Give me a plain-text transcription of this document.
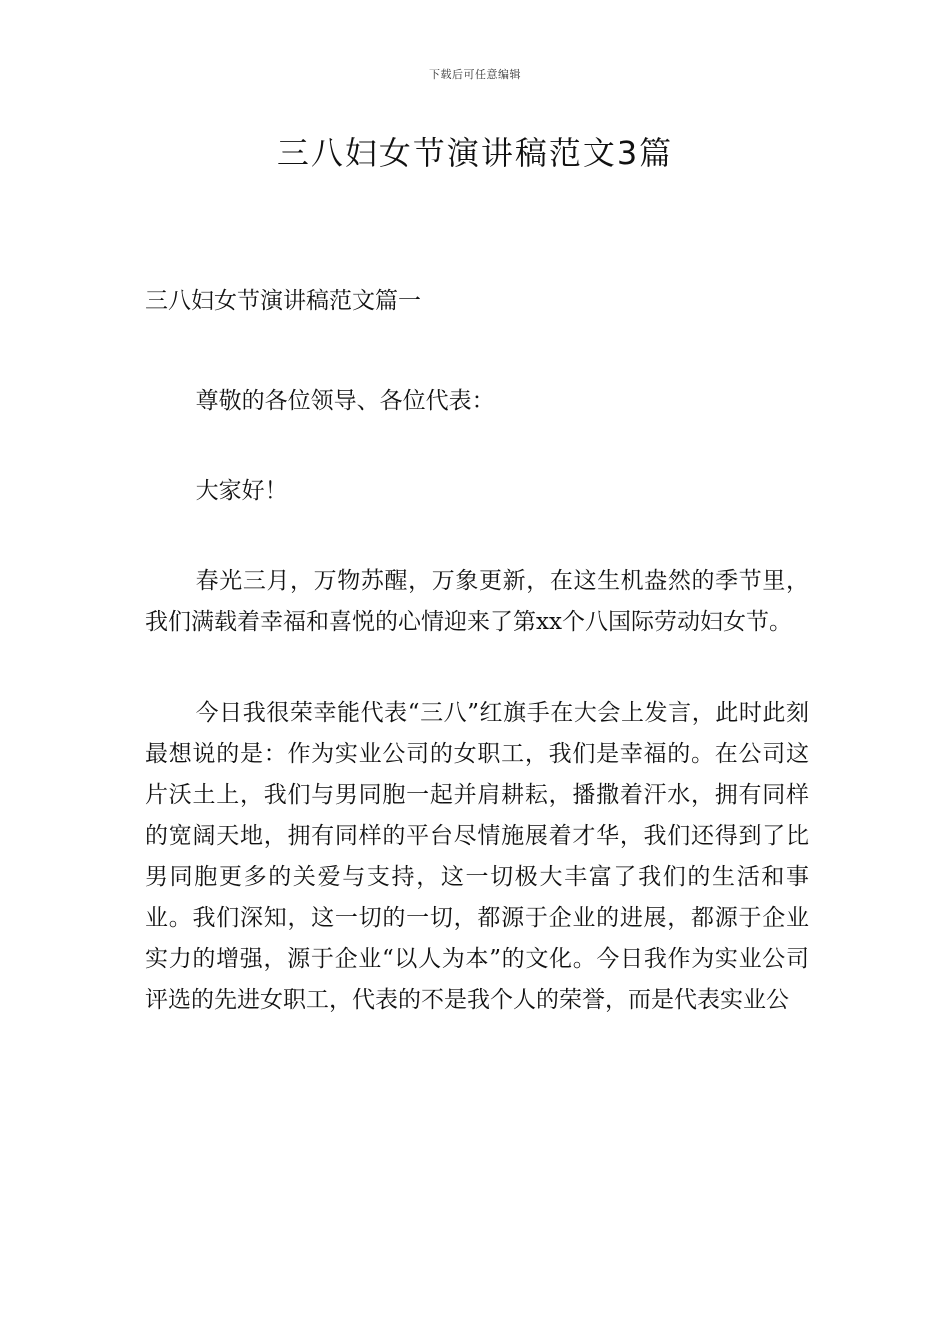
下载后可任意编辑
三八妇女节演讲稿范文3篇
三八妇女节演讲稿范文篇一

尊敬的各位领导、各位代表：

大家好！

春光三月，万物苏醒，万象更新，在这生机盎然的季节里，我们满载着幸福和喜悦的心情迎来了第xx个八国际劳动妇女节。

今日我很荣幸能代表“三八”红旗手在大会上发言，此时此刻最想说的是：作为实业公司的女职工，我们是幸福的。在公司这片沃土上，我们与男同胞一起并肩耕耘，播撒着汗水，拥有同样的宽阔天地，拥有同样的平台尽情施展着才华，我们还得到了比男同胞更多的关爱与支持，这一切极大丰富了我们的生活和事业。我们深知，这一切的一切，都源于企业的进展，都源于企业实力的增强，源于企业“以人为本”的文化。今日我作为实业公司评选的先进女职工，代表的不是我个人的荣誉，而是代表实业公
